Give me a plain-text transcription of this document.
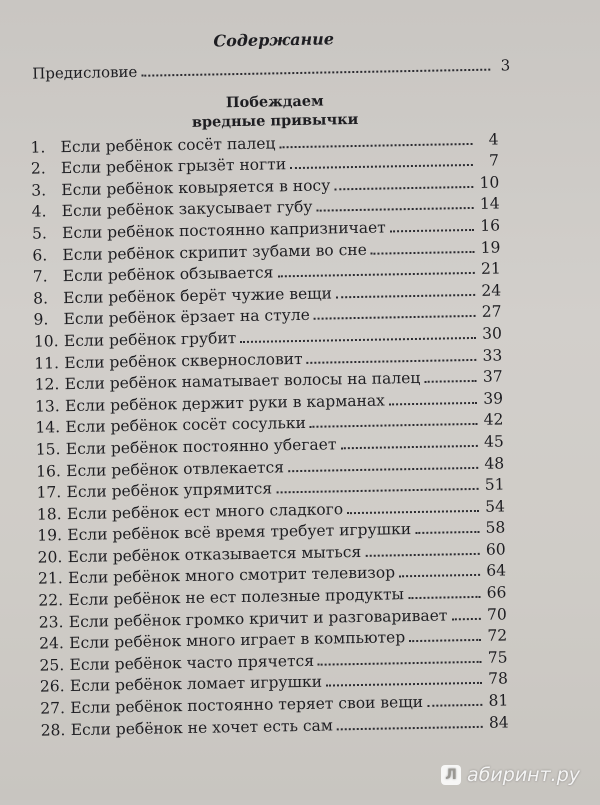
Содержание
Предисловие	3
Побеждаем
вредные привычки
1. Если ребёнок сосёт палец	4
2. Если ребёнок грызёт ногти	7
3. Если ребёнок ковыряется в носу	10
4. Если ребёнок закусывает губу	14
5. Если ребёнок постоянно капризничает	16
6. Если ребёнок скрипит зубами во сне	19
7. Если ребёнок обзывается	21
8. Если ребёнок берёт чужие вещи	24
9. Если ребёнок ёрзает на стуле	27
10. Если ребёнок грубит	30
11. Если ребёнок сквернословит	33
12. Если ребёнок наматывает волосы на палец	37
13. Если ребёнок держит руки в карманах	39
14. Если ребёнок сосёт сосульки	42
15. Если ребёнок постоянно убегает	45
16. Если ребёнок отвлекается	48
17. Если ребёнок упрямится	51
18. Если ребёнок ест много сладкого	54
19. Если ребёнок всё время требует игрушки	58
20. Если ребёнок отказывается мыться	60
21. Если ребёнок много смотрит телевизор	64
22. Если ребёнок не ест полезные продукты	66
23. Если ребёнок громко кричит и разговаривает	70
24. Если ребёнок много играет в компьютер	72
25. Если ребёнок часто прячется	75
26. Если ребёнок ломает игрушки	78
27. Если ребёнок постоянно теряет свои вещи	81
28. Если ребёнок не хочет есть сам	84
Л абиринт.ру
